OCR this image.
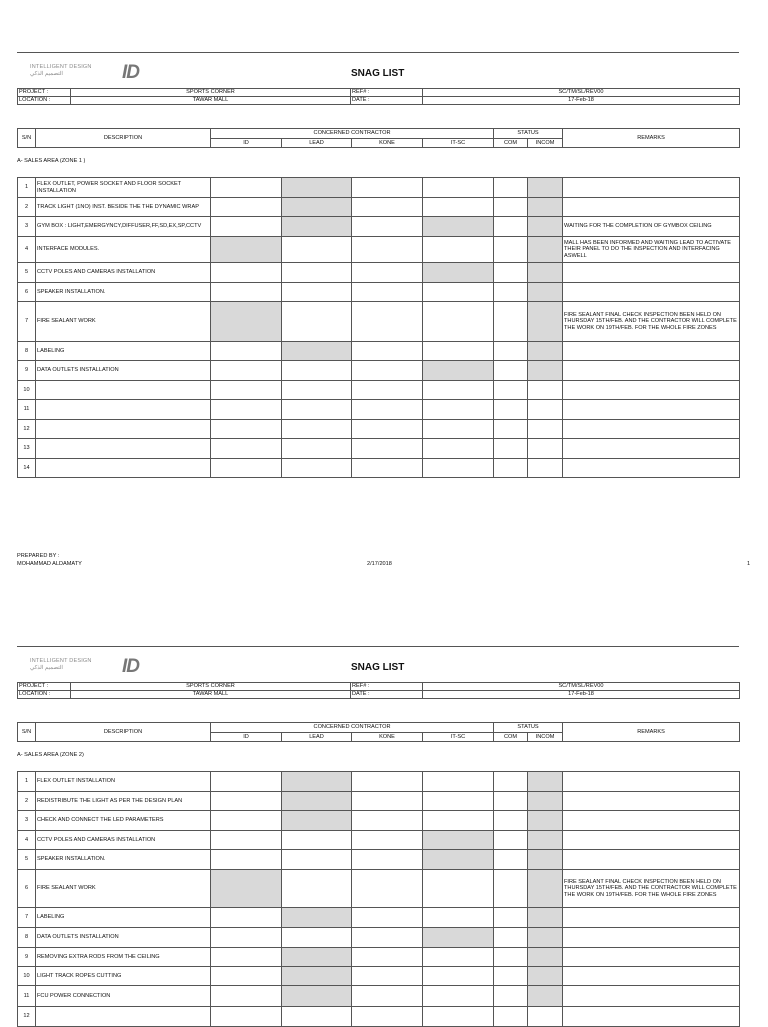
INTELLIGENT DESIGN
التصميم الذكي	ID	SNAG LIST
PROJECT :	SPORTS CORNER	REF# :	SC/TM/SL/REV00
LOCATION :	TAWAR MALL	DATE :	17-Feb-18
S/N	DESCRIPTION	CONCERNED CONTRACTOR				STATUS		REMARKS
		ID	LEAD	KONE	IT-SC	COM	INCOM	
A- SALES AREA (ZONE 1 )
1	FLEX OUTLET, POWER SOCKET AND FLOOR SOCKET INSTALLATION							
2	TRACK LIGHT (1NO) INST. BESIDE THE THE DYNAMIC WRAP							
3	GYM BOX : LIGHT,EMERGYNCY,DIFFUSER,FF,SD,EX,SP,CCTV							WAITING FOR THE COMPLETION OF GYMBOX CEILING
4	INTERFACE MODULES.							MALL HAS BEEN INFORMED AND WAITING LEAD TO ACTIVATE THEIR PANEL TO DO THE INSPECTION AND INTERFACING ASWELL
5	CCTV POLES AND CAMERAS INSTALLATION							
6	SPEAKER INSTALLATION.							
7	FIRE SEALANT WORK							FIRE SEALANT FINAL CHECK INSPECTION BEEN HELD ON THURSDAY 15TH/FEB. AND THE CONTRACTOR WILL COMPLETE THE WORK ON 19TH/FEB. FOR THE WHOLE FIRE ZONES
8	LABELING							
9	DATA OUTLETS INSTALLATION							
10								
11								
12								
13								
14								
PREPARED BY :
MOHAMMAD ALDAMATY	2/17/2018	1
INTELLIGENT DESIGN
التصميم الذكي	ID	SNAG LIST
PROJECT :	SPORTS CORNER	REF# :	SC/TM/SL/REV00
LOCATION :	TAWAR MALL	DATE :	17-Feb-18
S/N	DESCRIPTION	CONCERNED CONTRACTOR				STATUS		REMARKS
		ID	LEAD	KONE	IT-SC	COM	INCOM	
A- SALES AREA (ZONE 2)
1	FLEX OUTLET INSTALLATION							
2	REDISTRIBUTE THE LIGHT AS PER THE DESIGN PLAN							
3	CHECK AND CONNECT THE LED PARAMETERS							
4	CCTV POLES AND CAMERAS INSTALLATION							
5	SPEAKER INSTALLATION.							
6	FIRE SEALANT WORK							FIRE SEALANT FINAL CHECK INSPECTION BEEN HELD ON THURSDAY 15TH/FEB. AND THE CONTRACTOR WILL COMPLETE THE WORK ON 19TH/FEB. FOR THE WHOLE FIRE ZONES
7	LABELING							
8	DATA OUTLETS INSTALLATION							
9	REMOVING EXTRA RODS FROM THE CEILING							
10	LIGHT TRACK ROPES CUTTING							
11	FCU POWER CONNECTION							
12								
